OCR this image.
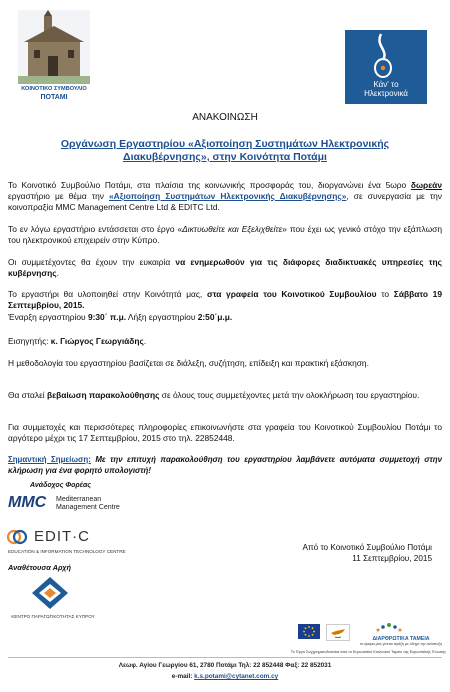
ΚΟΙΝΟΤΙΚΟ ΣΥΜΒΟΥΛΙΟ
ΠΟΤΑΜΙ
Κάν' το
Ηλεκτρονικά
ΑΝΑΚΟΙΝΩΣΗ
Οργάνωση Εργαστηρίου «Αξιοποίηση Συστημάτων Ηλεκτρονικής
Διακυβέρνησης», στην Κοινότητα Ποτάμι
Το Κοινοτικό Συμβούλιο Ποτάμι, στα πλαίσια της κοινωνικής προσφοράς του, διοργανώνει ένα 5ωρο δωρεάν εργαστήριο με θέμα την «Αξιοποίηση Συστημάτων Ηλεκτρονικής Διακυβέρνησης», σε συνεργασία με την κοινοπραξία MMC Management Centre Ltd & EDITC Ltd.
Το εν λόγω εργαστήριο εντάσσεται στο έργο «Δικτυωθείτε και Εξελιχθείτε» που έχει ως γενικό στόχο την εξάπλωση του ηλεκτρονικού επιχειρείν στην Κύπρο.
Οι συμμετέχοντες θα έχουν την ευκαιρία να ενημερωθούν για τις διάφορες διαδικτυακές υπηρεσίες της κυβέρνησης.
Το εργαστήρι θα υλοποιηθεί στην Κοινότητά μας, στα γραφεία του Κοινοτικού Συμβουλίου το Σάββατο 19 Σεπτεμβρίου, 2015.
Έναρξη εργαστηρίου 9:30΄ π.μ. Λήξη εργαστηρίου 2:50΄μ.μ.
Εισηγητής: κ. Γιώργος Γεωργιάδης.
Η μεθοδολογία του εργαστηρίου βασίζεται σε διάλεξη, συζήτηση, επίδειξη και πρακτική εξάσκηση.
Θα σταλεί βεβαίωση παρακολούθησης σε όλους τους συμμετέχοντες μετά την ολοκλήρωση του εργαστηρίου.
Για συμμετοχές και περισσότερες πληροφορίες επικοινωνήστε στα γραφεία του Κοινοτικού Συμβουλίου Ποτάμι το αργότερο μέχρι τις 17 Σεπτεμβρίου, 2015 στο τηλ. 22852448.
Σημαντική Σημείωση: Με την επιτυχή παρακολούθηση του εργαστηρίου λαμβάνετε αυτόματα συμμετοχή στην κλήρωση για ένα φορητό υπολογιστή!
Ανάδοχος Φορέας
MMC Mediterranean
Management Centre
Από το Κοινοτικό Συμβούλιο Ποτάμι
11 Σεπτεμβρίου, 2015
EDIT·C
EDUCATION & INFORMATION TECHNOLOGY CENTRE
Αναθέτουσα Αρχή
ΚΕΝΤΡΟ ΠΑΡΑΓΩΓΙΚΟΤΗΤΑΣ ΚΥΠΡΟΥ
ΔΙΑΡΘΡΩΤΙΚΑ ΤΑΜΕΙΑ
το όραμα μας γίνεται πράξη με οδηγό την ανάπτυξη
Το Έργο Συγχρηματοδοτείται από το Ευρωπαϊκό Κοινωνικό Ταμείο της Ευρωπαϊκής Ένωσης
Λεωφ. Αγίου Γεωργίου 61, 2780 Ποτάμι Τηλ: 22 852448 Φαξ: 22 852031
e-mail: k.s.potami@cytanet.com.cy
